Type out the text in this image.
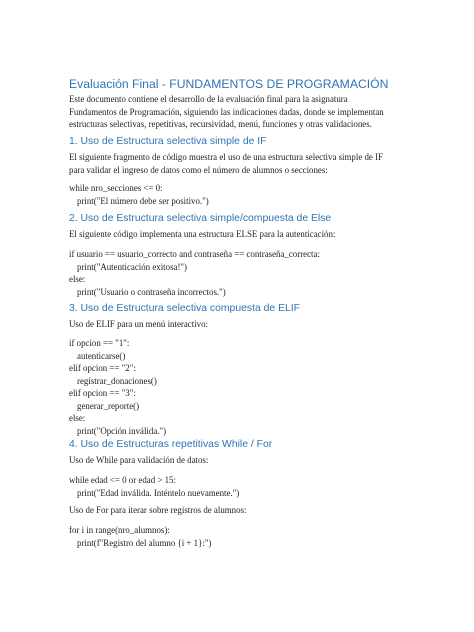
Evaluación Final - FUNDAMENTOS DE PROGRAMACIÓN
Este documento contiene el desarrollo de la evaluación final para la asignatura
Fundamentos de Programación, siguiendo las indicaciones dadas, donde se implementan
estructuras selectivas, repetitivas, recursividad, menú, funciones y otras validaciones.
1. Uso de Estructura selectiva simple de IF
El siguiente fragmento de código muestra el uso de una estructura selectiva simple de IF
para validar el ingreso de datos como el número de alumnos o secciones:
while nro_secciones <= 0:
print("El número debe ser positivo.")
2. Uso de Estructura selectiva simple/compuesta de Else
El siguiente código implementa una estructura ELSE para la autenticación:
if usuario == usuario_correcto and contraseña == contraseña_correcta:
print("Autenticación exitosa!")
else:
print("Usuario o contraseña incorrectos.")
3. Uso de Estructura selectiva compuesta de ELIF
Uso de ELIF para un menú interactivo:
if opcion == "1":
autenticarse()
elif opcion == "2":
registrar_donaciones()
elif opcion == "3":
generar_reporte()
else:
print("Opción inválida.")
4. Uso de Estructuras repetitivas While / For
Uso de While para validación de datos:
while edad <= 0 or edad > 15:
print("Edad inválida. Inténtelo nuevamente.")
Uso de For para iterar sobre registros de alumnos:
for i in range(nro_alumnos):
print(f"Registro del alumno {i + 1}:")
